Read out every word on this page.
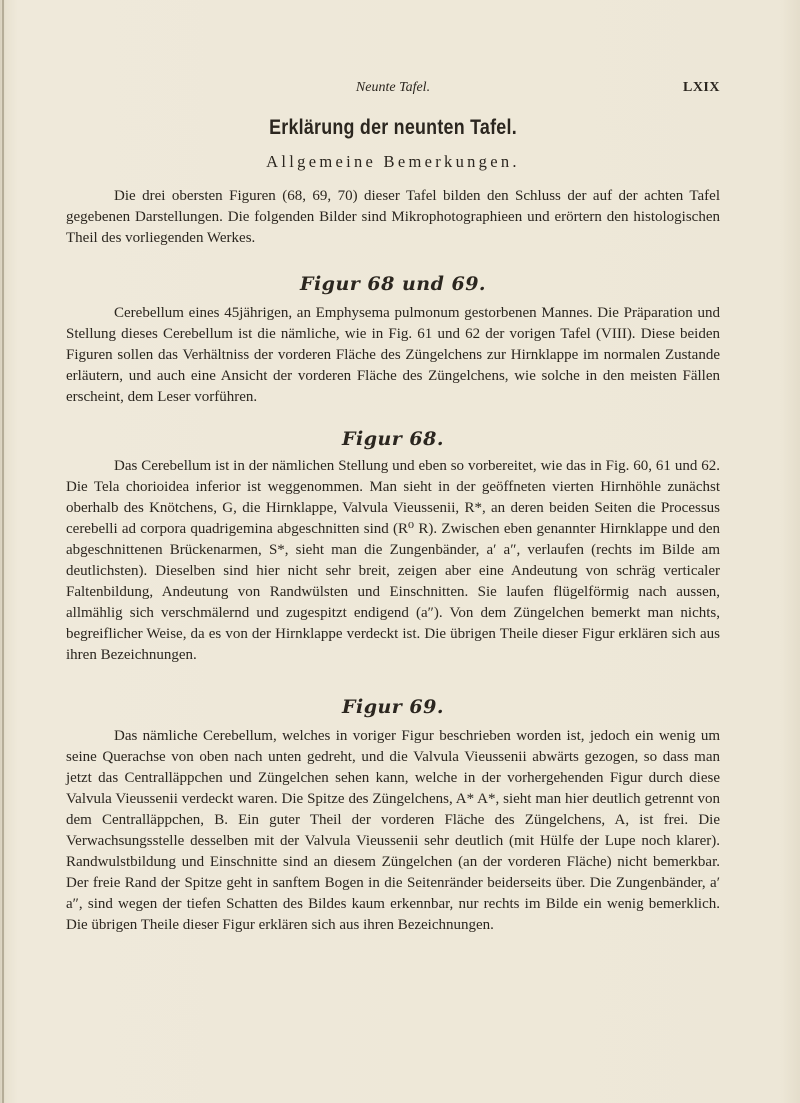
Neunte Tafel.	LXIX
Erklärung der neunten Tafel.
Allgemeine Bemerkungen.

Die drei obersten Figuren (68, 69, 70) dieser Tafel bilden den Schluss der auf der achten Tafel gegebenen Darstellungen. Die folgenden Bilder sind Mikrophotographieen und erörtern den histologischen Theil des vorliegenden Werkes.

Figur 68 und 69.

Cerebellum eines 45jährigen, an Emphysema pulmonum gestorbenen Mannes. Die Präparation und Stellung dieses Cerebellum ist die nämliche, wie in Fig. 61 und 62 der vorigen Tafel (VIII). Diese beiden Figuren sollen das Verhältniss der vorderen Fläche des Züngelchens zur Hirnklappe im normalen Zustande erläutern, und auch eine Ansicht der vorderen Fläche des Züngelchens, wie solche in den meisten Fällen erscheint, dem Leser vorführen.

Figur 68.

Das Cerebellum ist in der nämlichen Stellung und eben so vorbereitet, wie das in Fig. 60, 61 und 62. Die Tela chorioidea inferior ist weggenommen. Man sieht in der geöffneten vierten Hirnhöhle zunächst oberhalb des Knötchens, G, die Hirnklappe, Valvula Vieussenii, R*, an deren beiden Seiten die Processus cerebelli ad corpora quadrigemina abgeschnitten sind (R⁰ R). Zwischen eben genannter Hirnklappe und den abgeschnittenen Brückenarmen, S*, sieht man die Zungenbänder, a′ a″, verlaufen (rechts im Bilde am deutlichsten). Dieselben sind hier nicht sehr breit, zeigen aber eine Andeutung von schräg verticaler Faltenbildung, Andeutung von Randwülsten und Einschnitten. Sie laufen flügelförmig nach aussen, allmählig sich verschmälernd und zugespitzt endigend (a″). Von dem Züngelchen bemerkt man nichts, begreiflicher Weise, da es von der Hirnklappe verdeckt ist. Die übrigen Theile dieser Figur erklären sich aus ihren Bezeichnungen.

Figur 69.

Das nämliche Cerebellum, welches in voriger Figur beschrieben worden ist, jedoch ein wenig um seine Querachse von oben nach unten gedreht, und die Valvula Vieussenii abwärts gezogen, so dass man jetzt das Centralläppchen und Züngelchen sehen kann, welche in der vorhergehenden Figur durch diese Valvula Vieussenii verdeckt waren. Die Spitze des Züngelchens, A* A*, sieht man hier deutlich getrennt von dem Centralläppchen, B. Ein guter Theil der vorderen Fläche des Züngelchens, A, ist frei. Die Verwachsungsstelle desselben mit der Valvula Vieussenii sehr deutlich (mit Hülfe der Lupe noch klarer). Randwulstbildung und Einschnitte sind an diesem Züngelchen (an der vorderen Fläche) nicht bemerkbar. Der freie Rand der Spitze geht in sanftem Bogen in die Seitenränder beiderseits über. Die Zungenbänder, a′ a″, sind wegen der tiefen Schatten des Bildes kaum erkennbar, nur rechts im Bilde ein wenig bemerklich. Die übrigen Theile dieser Figur erklären sich aus ihren Bezeichnungen.
